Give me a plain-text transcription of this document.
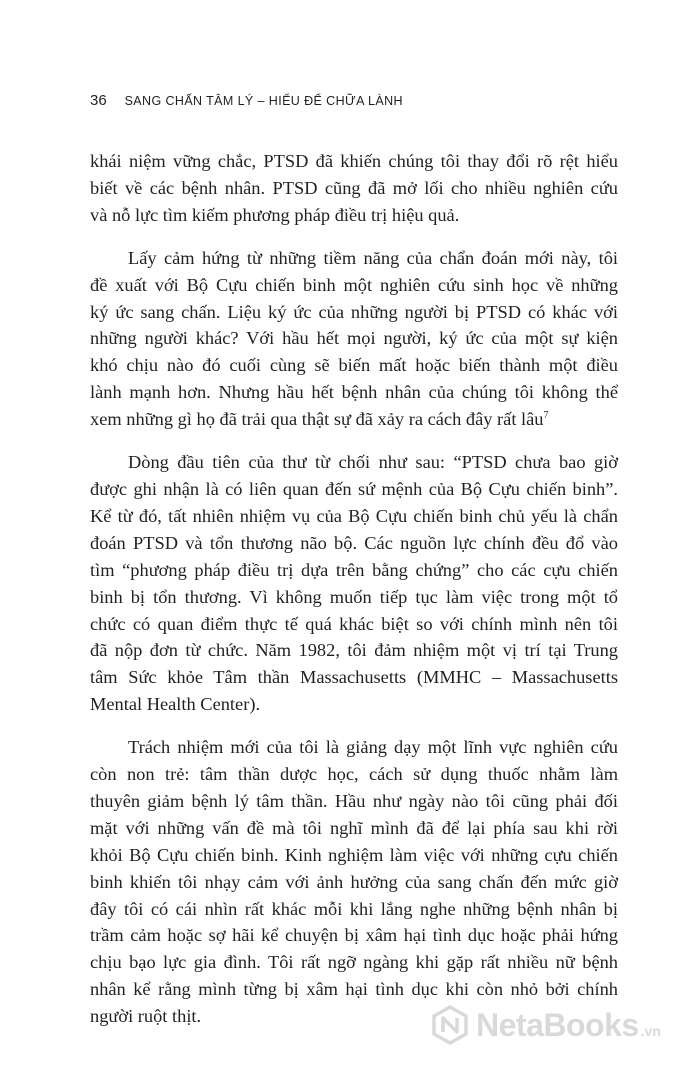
36 SANG CHẤN TÂM LÝ – HIỂU ĐỂ CHỮA LÀNH

khái niệm vững chắc, PTSD đã khiến chúng tôi thay đổi rõ rệt hiểu
biết về các bệnh nhân. PTSD cũng đã mở lối cho nhiều nghiên cứu
và nỗ lực tìm kiếm phương pháp điều trị hiệu quả.

Lấy cảm hứng từ những tiềm năng của chẩn đoán mới này, tôi
đề xuất với Bộ Cựu chiến binh một nghiên cứu sinh học về những
ký ức sang chấn. Liệu ký ức của những người bị PTSD có khác với
những người khác? Với hầu hết mọi người, ký ức của một sự kiện
khó chịu nào đó cuối cùng sẽ biến mất hoặc biến thành một điều
lành mạnh hơn. Nhưng hầu hết bệnh nhân của chúng tôi không thể
xem những gì họ đã trải qua thật sự đã xảy ra cách đây rất lâu$^7$

Dòng đầu tiên của thư từ chối như sau: “PTSD chưa bao giờ
được ghi nhận là có liên quan đến sứ mệnh của Bộ Cựu chiến binh”.
Kể từ đó, tất nhiên nhiệm vụ của Bộ Cựu chiến binh chủ yếu là chẩn
đoán PTSD và tổn thương não bộ. Các nguồn lực chính đều đổ vào
tìm “phương pháp điều trị dựa trên bằng chứng” cho các cựu chiến
binh bị tổn thương. Vì không muốn tiếp tục làm việc trong một tổ
chức có quan điểm thực tế quá khác biệt so với chính mình nên tôi
đã nộp đơn từ chức. Năm 1982, tôi đảm nhiệm một vị trí tại Trung
tâm Sức khỏe Tâm thần Massachusetts (MMHC – Massachusetts
Mental Health Center).

Trách nhiệm mới của tôi là giảng dạy một lĩnh vực nghiên cứu
còn non trẻ: tâm thần dược học, cách sử dụng thuốc nhằm làm
thuyên giảm bệnh lý tâm thần. Hầu như ngày nào tôi cũng phải đối
mặt với những vấn đề mà tôi nghĩ mình đã để lại phía sau khi rời
khỏi Bộ Cựu chiến binh. Kinh nghiệm làm việc với những cựu chiến
binh khiến tôi nhạy cảm với ảnh hưởng của sang chấn đến mức giờ
đây tôi có cái nhìn rất khác mỗi khi lắng nghe những bệnh nhân bị
trầm cảm hoặc sợ hãi kể chuyện bị xâm hại tình dục hoặc phải hứng
chịu bạo lực gia đình. Tôi rất ngỡ ngàng khi gặp rất nhiều nữ bệnh
nhân kể rằng mình từng bị xâm hại tình dục khi còn nhỏ bởi chính
người ruột thịt.	NetaBooks .vn
